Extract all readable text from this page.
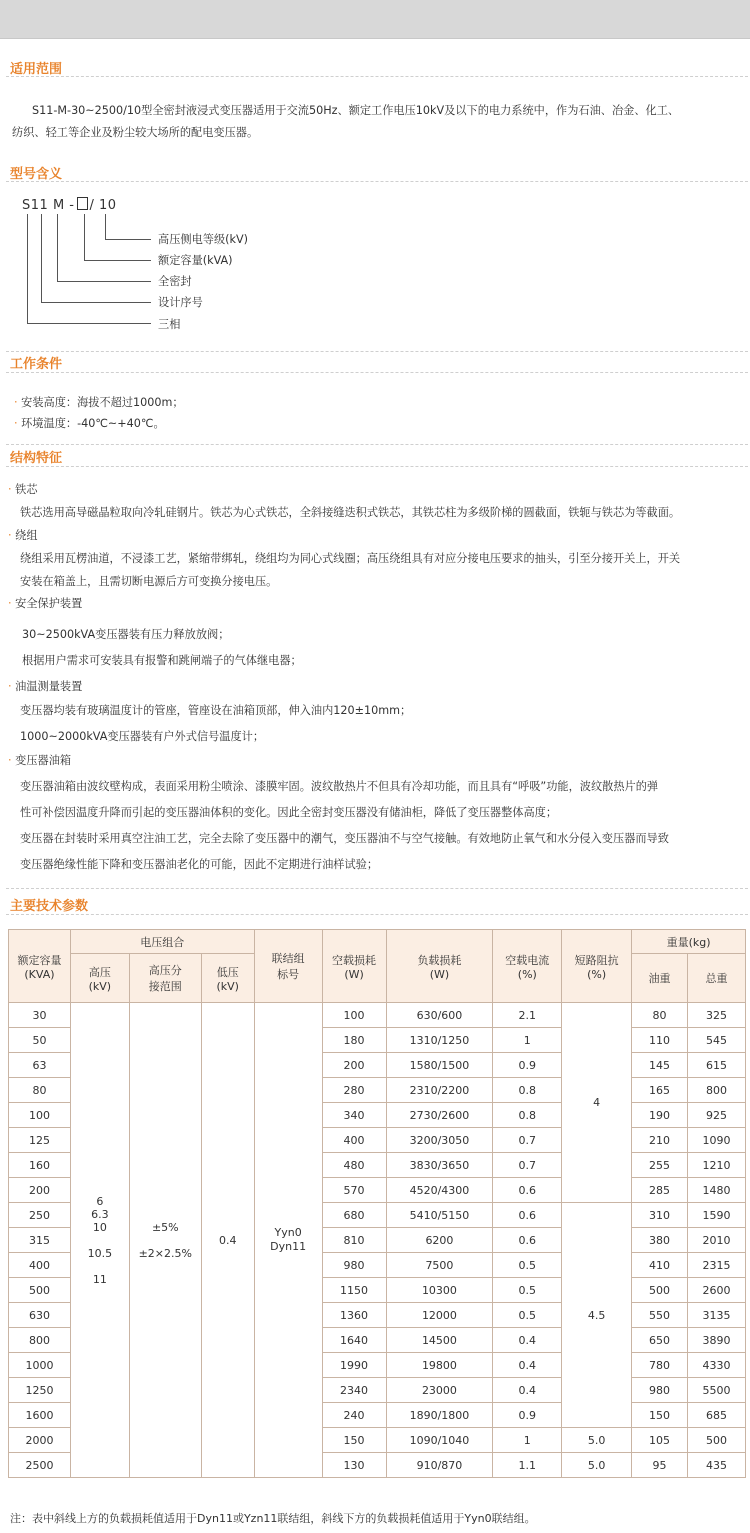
适用范围
S11-M-30~2500/10型全密封液浸式变压器适用于交流50Hz、额定工作电压10kV及以下的电力系统中，作为石油、冶金、化工、
纺织、轻工等企业及粉尘较大场所的配电变压器。
型号含义
S11 M - / 10
高压侧电等级(kV)
额定容量(kVA)
全密封
设计序号
三相
工作条件
· 安装高度：海拔不超过1000m；
· 环境温度：-40℃~+40℃。
结构特征
· 铁芯
铁芯选用高导磁晶粒取向冷轧硅钢片。铁芯为心式铁芯，全斜接缝迭积式铁芯，其铁芯柱为多级阶梯的圆截面，铁轭与铁芯为等截面。
· 绕组
绕组采用瓦楞油道，不浸漆工艺，紧缩带绑轧，绕组均为同心式线圈；高压绕组具有对应分接电压要求的抽头，引至分接开关上，开关
安装在箱盖上，且需切断电源后方可变换分接电压。
· 安全保护装置
30~2500kVA变压器装有压力释放放阀；
根据用户需求可安装具有报警和跳闸端子的气体继电器；
· 油温测量装置
变压器均装有玻璃温度计的管座，管座设在油箱顶部，伸入油内120±10mm；
1000~2000kVA变压器装有户外式信号温度计；
· 变压器油箱
变压器油箱由波纹壁构成，表面采用粉尘喷涂、漆膜牢固。波纹散热片不但具有冷却功能，而且具有“呼吸”功能，波纹散热片的弹
性可补偿因温度升降而引起的变压器油体积的变化。因此全密封变压器没有储油柜，降低了变压器整体高度；
变压器在封装时采用真空注油工艺，完全去除了变压器中的潮气，变压器油不与空气接触。有效地防止氧气和水分侵入变压器而导致
变压器绝缘性能下降和变压器油老化的可能，因此不定期进行油样试验；
主要技术参数
额定容量
(KVA)	电压组合			联结组
标号	空载损耗
(W)	负载损耗
(W)	空载电流
(%)	短路阻抗
(%)	重量(kg)	
	高压
(kV)	高压分
接范围	低压
(kV)						油重	总重
30	6
6.3
10

10.5

11	±5%

±2×2.5%	0.4	Yyn0
Dyn11	100	630/600	2.1	4	80	325
50					180	1310/1250	1		110	545
63					200	1580/1500	0.9		145	615
80					280	2310/2200	0.8		165	800
100					340	2730/2600	0.8		190	925
125					400	3200/3050	0.7		210	1090
160					480	3830/3650	0.7		255	1210
200					570	4520/4300	0.6		285	1480
250					680	5410/5150	0.6	4.5	310	1590
315					810	6200	0.6		380	2010
400					980	7500	0.5		410	2315
500					1150	10300	0.5		500	2600
630					1360	12000	0.5		550	3135
800					1640	14500	0.4		650	3890
1000					1990	19800	0.4		780	4330
1250					2340	23000	0.4		980	5500
1600					240	1890/1800	0.9		150	685
2000					150	1090/1040	1	5.0	105	500
2500					130	910/870	1.1	5.0	95	435
注：表中斜线上方的负载损耗值适用于Dyn11或Yzn11联结组，斜线下方的负载损耗值适用于Yyn0联结组。
